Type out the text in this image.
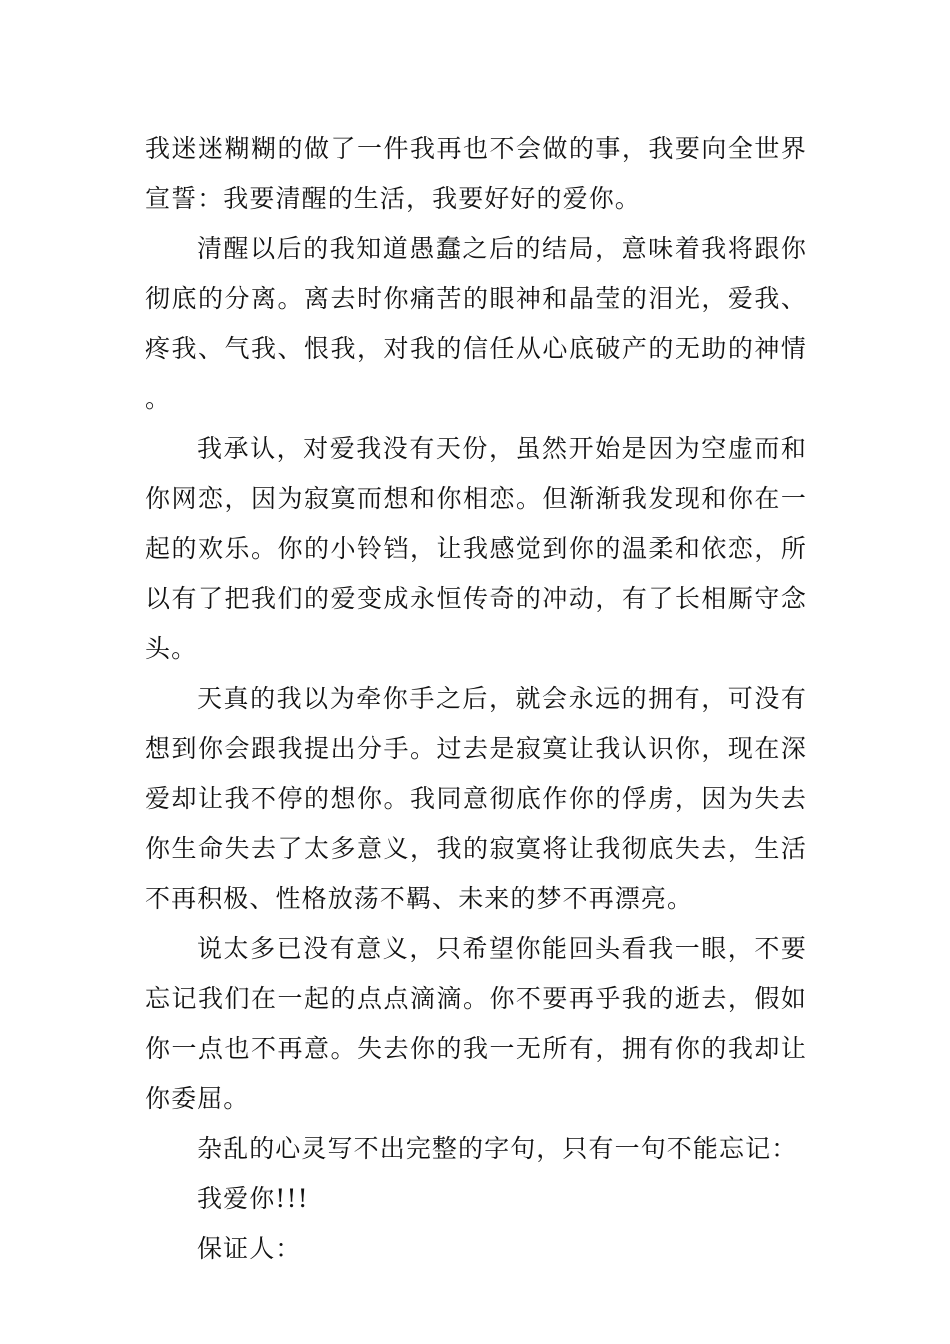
我迷迷糊糊的做了一件我再也不会做的事，我要向全世界宣誓：我要清醒的生活，我要好好的爱你。

清醒以后的我知道愚蠢之后的结局，意味着我将跟你彻底的分离。离去时你痛苦的眼神和晶莹的泪光，爱我、疼我、气我、恨我，对我的信任从心底破产的无助的神情。

我承认，对爱我没有天份，虽然开始是因为空虚而和你网恋，因为寂寞而想和你相恋。但渐渐我发现和你在一起的欢乐。你的小铃铛，让我感觉到你的温柔和依恋，所以有了把我们的爱变成永恒传奇的冲动，有了长相厮守念头。

天真的我以为牵你手之后，就会永远的拥有，可没有想到你会跟我提出分手。过去是寂寞让我认识你，现在深爱却让我不停的想你。我同意彻底作你的俘虏，因为失去你生命失去了太多意义，我的寂寞将让我彻底失去，生活不再积极、性格放荡不羁、未来的梦不再漂亮。

说太多已没有意义，只希望你能回头看我一眼，不要忘记我们在一起的点点滴滴。你不要再乎我的逝去，假如你一点也不再意。失去你的我一无所有，拥有你的我却让你委屈。

杂乱的心灵写不出完整的字句，只有一句不能忘记：

我爱你!!!

保证人：
